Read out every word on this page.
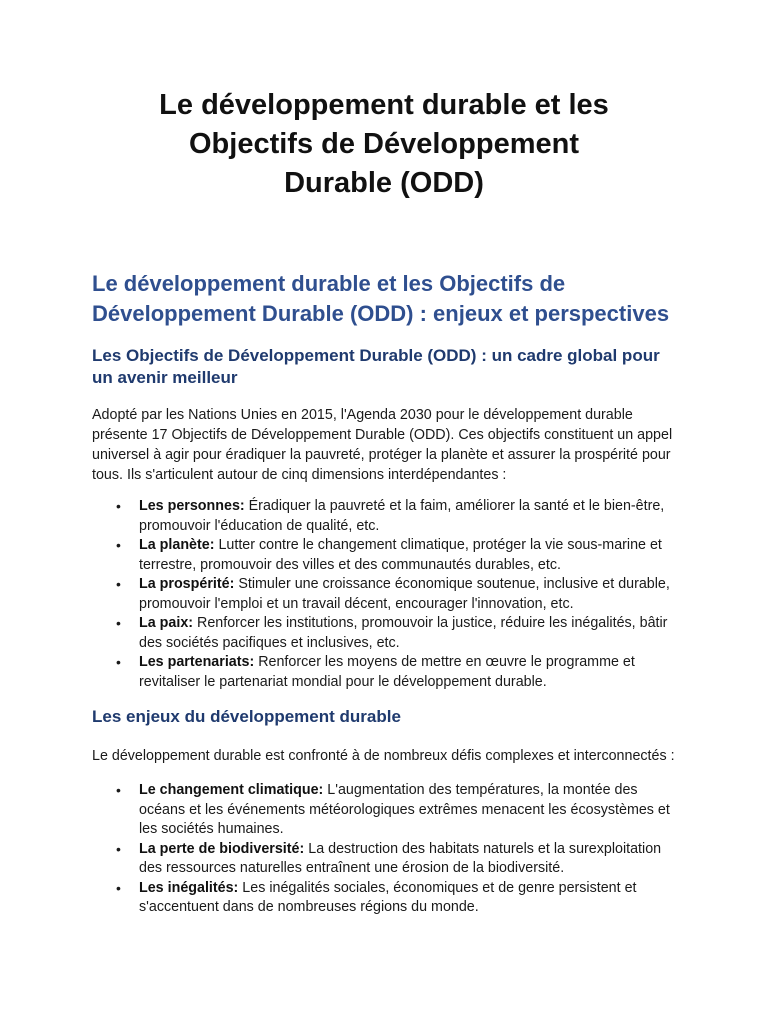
Le développement durable et les Objectifs de Développement Durable (ODD)
Le développement durable et les Objectifs de Développement Durable (ODD) : enjeux et perspectives
Les Objectifs de Développement Durable (ODD) : un cadre global pour un avenir meilleur

Adopté par les Nations Unies en 2015, l'Agenda 2030 pour le développement durable présente 17 Objectifs de Développement Durable (ODD). Ces objectifs constituent un appel universel à agir pour éradiquer la pauvreté, protéger la planète et assurer la prospérité pour tous. Ils s'articulent autour de cinq dimensions interdépendantes :

• Les personnes: Éradiquer la pauvreté et la faim, améliorer la santé et le bien-être, promouvoir l'éducation de qualité, etc.
• La planète: Lutter contre le changement climatique, protéger la vie sous-marine et terrestre, promouvoir des villes et des communautés durables, etc.
• La prospérité: Stimuler une croissance économique soutenue, inclusive et durable, promouvoir l'emploi et un travail décent, encourager l'innovation, etc.
• La paix: Renforcer les institutions, promouvoir la justice, réduire les inégalités, bâtir des sociétés pacifiques et inclusives, etc.
• Les partenariats: Renforcer les moyens de mettre en œuvre le programme et revitaliser le partenariat mondial pour le développement durable.
Les enjeux du développement durable

Le développement durable est confronté à de nombreux défis complexes et interconnectés :

• Le changement climatique: L'augmentation des températures, la montée des océans et les événements météorologiques extrêmes menacent les écosystèmes et les sociétés humaines.
• La perte de biodiversité: La destruction des habitats naturels et la surexploitation des ressources naturelles entraînent une érosion de la biodiversité.
• Les inégalités: Les inégalités sociales, économiques et de genre persistent et s'accentuent dans de nombreuses régions du monde.
